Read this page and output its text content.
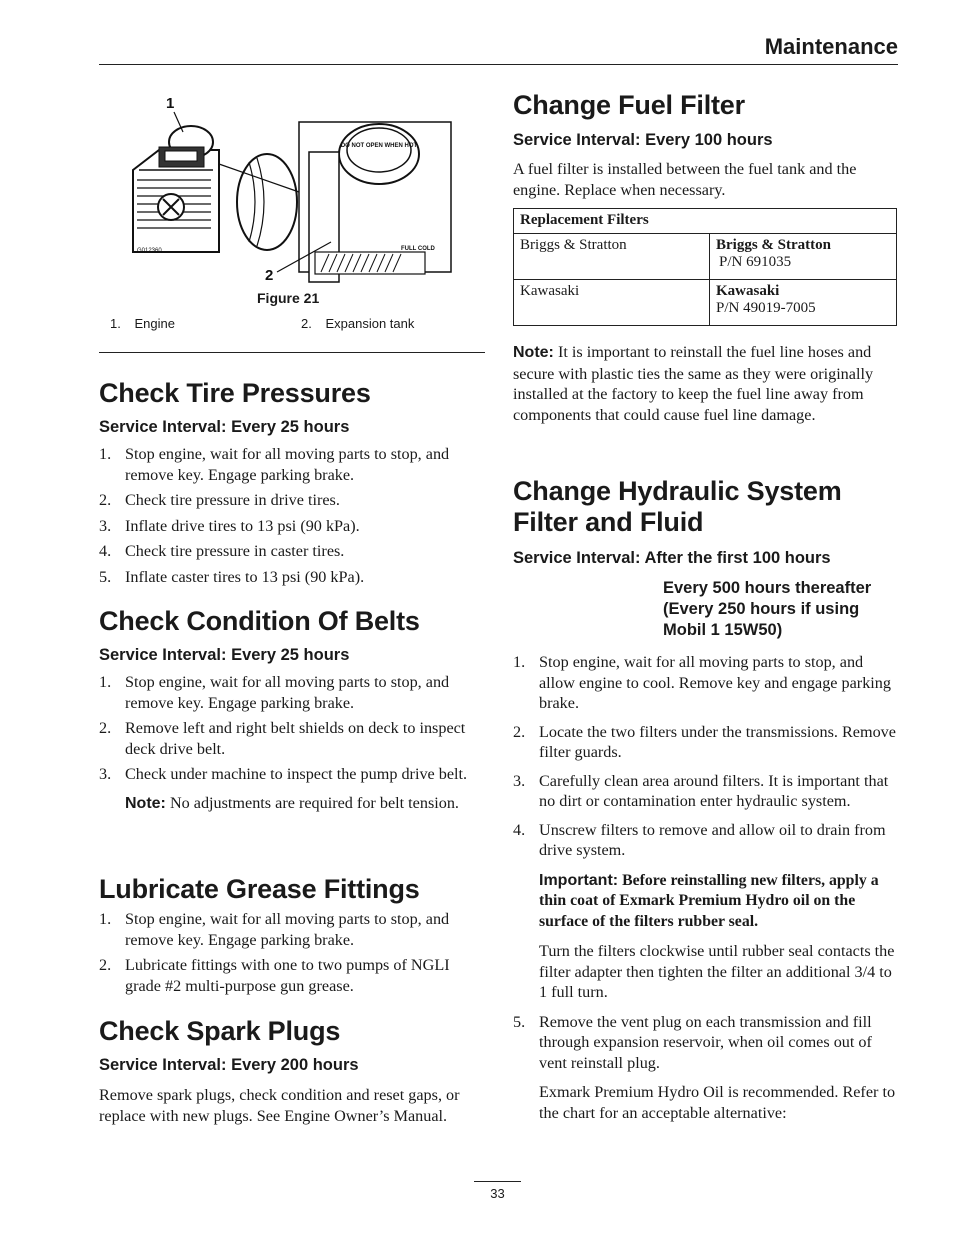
Maintenance
DO NOT OPEN WHEN HOT
FULL COLD
G012360
1
2
Figure 21
1. Engine	2. Expansion tank
Check Tire Pressures

Service Interval: Every 25 hours

1. Stop engine, wait for all moving parts to stop, and remove key. Engage parking brake.
2. Check tire pressure in drive tires.
3. Inflate drive tires to 13 psi (90 kPa).
4. Check tire pressure in caster tires.
5. Inflate caster tires to 13 psi (90 kPa).
Check Condition Of Belts

Service Interval: Every 25 hours

1. Stop engine, wait for all moving parts to stop, and remove key. Engage parking brake.
2. Remove left and right belt shields on deck to inspect deck drive belt.
3. Check under machine to inspect the pump drive belt.

Note: No adjustments are required for belt tension.

Lubricate Grease Fittings
1. Stop engine, wait for all moving parts to stop, and remove key. Engage parking brake.
2. Lubricate fittings with one to two pumps of NGLI grade #2 multi-purpose gun grease.
Check Spark Plugs

Service Interval: Every 200 hours

Remove spark plugs, check condition and reset gaps, or replace with new plugs. See Engine Owner’s Manual.

Change Fuel Filter

Service Interval: Every 100 hours

A fuel filter is installed between the fuel tank and the engine. Replace when necessary.

Replacement Filters	
Briggs & Stratton	Briggs & Stratton
P/N 691035

Kawasaki	Kawasaki
P/N 49019-7005

Note: It is important to reinstall the fuel line hoses and secure with plastic ties the same as they were originally installed at the factory to keep the fuel line away from components that could cause fuel line damage.

Change Hydraulic System
Filter and Fluid

Service Interval: After the first 100 hours

Every 500 hours thereafter
(Every 250 hours if using
Mobil 1 15W50)

1. Stop engine, wait for all moving parts to stop, and allow engine to cool. Remove key and engage parking brake.
2. Locate the two filters under the transmissions. Remove filter guards.
3. Carefully clean area around filters. It is important that no dirt or contamination enter hydraulic system.
4. Unscrew filters to remove and allow oil to drain from drive system.

Important: Before reinstalling new filters, apply a thin coat of Exmark Premium Hydro oil on the surface of the filters rubber seal.

Turn the filters clockwise until rubber seal contacts the filter adapter then tighten the filter an additional 3/4 to 1 full turn.

5. Remove the vent plug on each transmission and fill through expansion reservoir, when oil comes out of vent reinstall plug.

Exmark Premium Hydro Oil is recommended. Refer to the chart for an acceptable alternative:

33
